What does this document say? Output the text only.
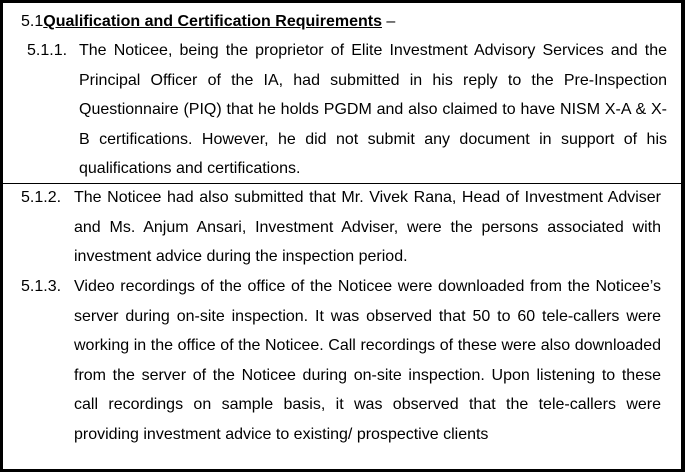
5.1Qualification and Certification Requirements –
5.1.1. The Noticee, being the proprietor of Elite Investment Advisory Services and the Principal Officer of the IA, had submitted in his reply to the Pre-Inspection Questionnaire (PIQ) that he holds PGDM and also claimed to have NISM X-A & X-B certifications. However, he did not submit any document in support of his qualifications and certifications.
5.1.2. The Noticee had also submitted that Mr. Vivek Rana, Head of Investment Adviser and Ms. Anjum Ansari, Investment Adviser, were the persons associated with investment advice during the inspection period.
5.1.3. Video recordings of the office of the Noticee were downloaded from the Noticee’s server during on-site inspection. It was observed that 50 to 60 tele-callers were working in the office of the Noticee. Call recordings of these were also downloaded from the server of the Noticee during on-site inspection. Upon listening to these call recordings on sample basis, it was observed that the tele-callers were providing investment advice to existing/ prospective clients
